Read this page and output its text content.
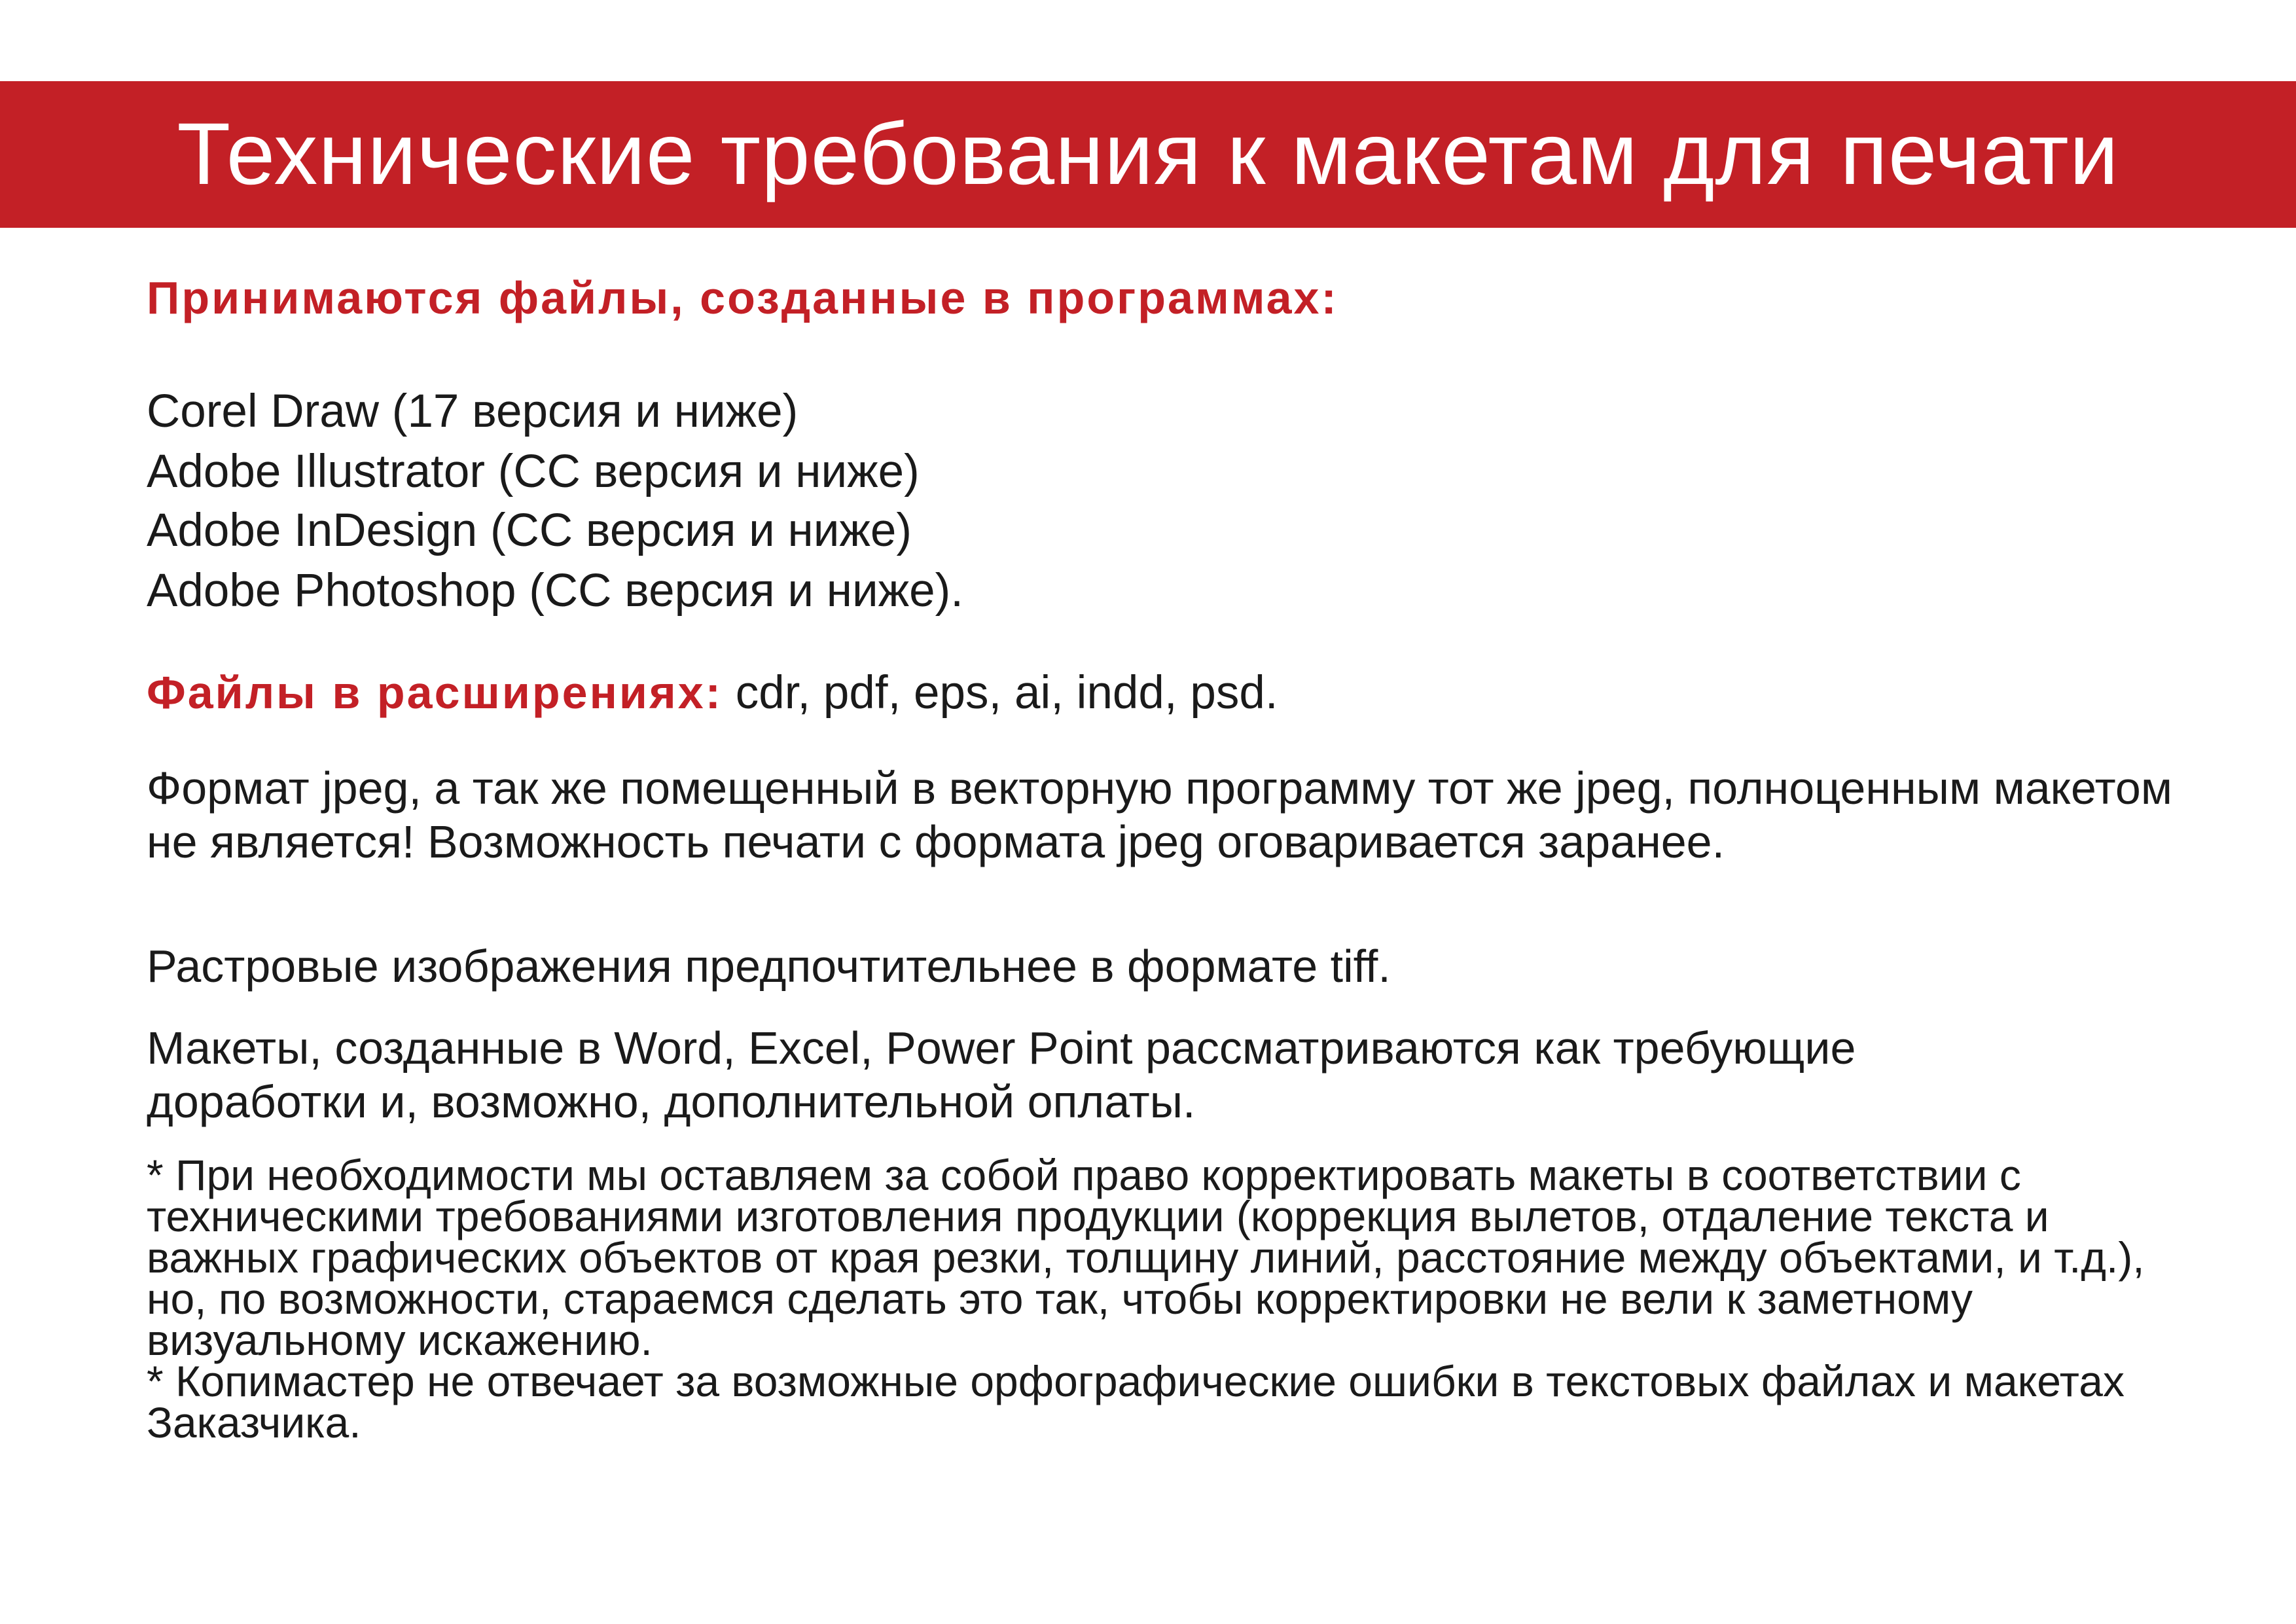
Технические требования к макетам для печати
Принимаются файлы, созданные в программах:
Corel Draw (17 версия и ниже)
Adobe Illustrator (CC версия и ниже)
Adobe InDesign (CC версия и ниже)
Adobe Photoshop (CC версия и ниже).
Файлы в расширениях: cdr, pdf, eps, ai, indd, psd.

Формат jpeg, а так же помещенный в векторную программу тот же jpeg, полноценным макетом не является! Возможность печати с формата jpeg оговаривается заранее.

Растровые изображения предпочтительнее в формате tiff.

Макеты, созданные в Word, Excel, Power Point рассматриваются как требующие доработки и, возможно, дополнительной оплаты.

* При необходимости мы оставляем за собой право корректировать макеты в соответствии с техническими требованиями изготовления продукции (коррекция вылетов, отдаление текста и важных графических объектов от края резки, толщину линий, расстояние между объектами, и т.д.), но, по возможности, стараемся сделать это так, чтобы корректировки не вели к заметному визуальному искажению.

* Копимастер не отвечает за возможные орфографические ошибки в текстовых файлах и макетах Заказчика.
